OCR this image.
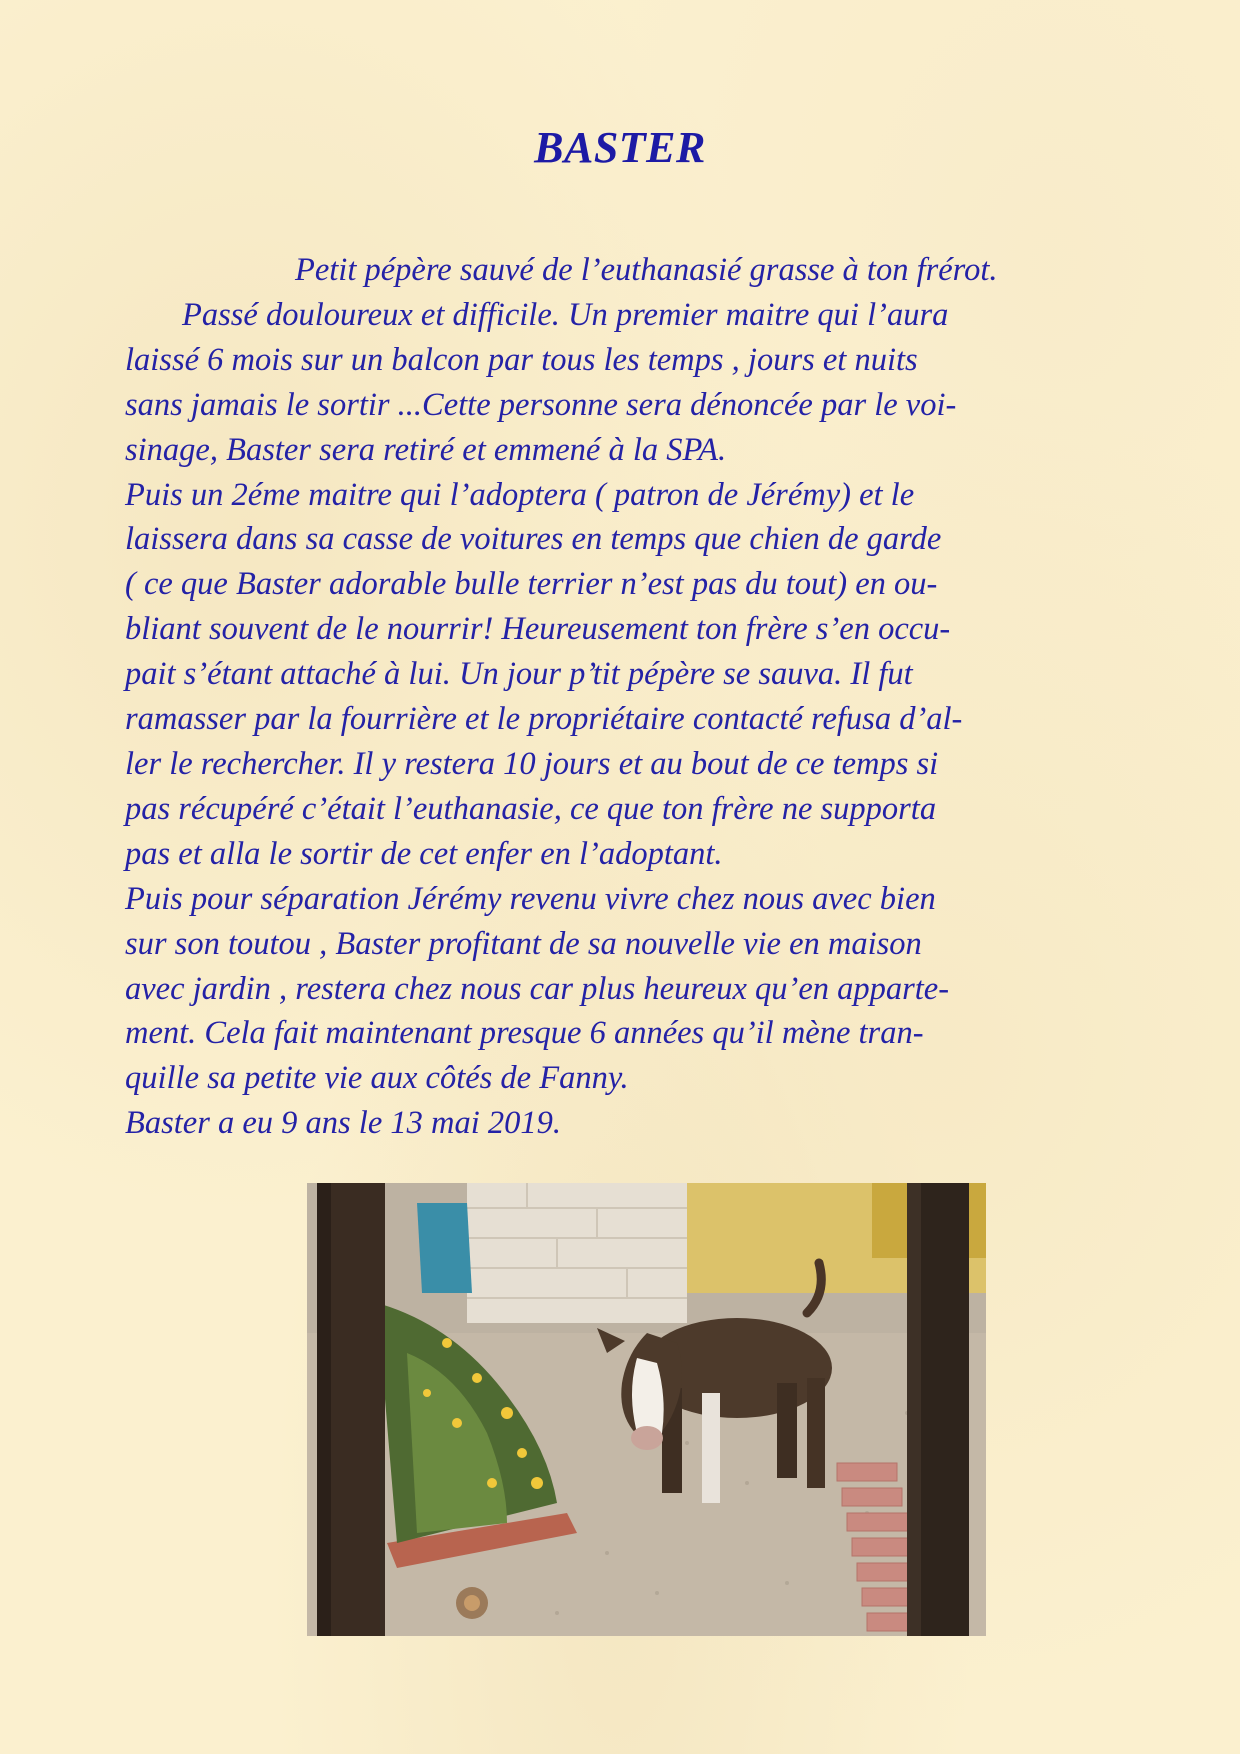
BASTER
Petit pépère sauvé de l’euthanasié grasse à ton frérot.
Passé douloureux et difficile. Un premier maitre qui l’aura
laissé 6 mois sur un balcon par tous les temps , jours et nuits
sans jamais le sortir ...Cette personne sera dénoncée par le voi-
sinage, Baster sera retiré et emmené à la SPA.
Puis un 2éme maitre qui l’adoptera ( patron de Jérémy) et le
laissera dans sa casse de voitures en temps que chien de garde
( ce que Baster adorable bulle terrier n’est pas du tout) en ou-
bliant souvent de le nourrir! Heureusement ton frère s’en occu-
pait s’étant attaché à lui. Un jour p’tit pépère se sauva. Il fut
ramasser par la fourrière et le propriétaire contacté refusa d’al-
ler le rechercher. Il y restera 10 jours et au bout de ce temps si
pas récupéré c’était l’euthanasie, ce que ton frère ne supporta
pas et alla le sortir de cet enfer en l’adoptant.
Puis pour séparation Jérémy revenu vivre chez nous avec bien
sur son toutou , Baster profitant de sa nouvelle vie en maison
avec jardin , restera chez nous car plus heureux qu’en apparte-
ment. Cela fait maintenant presque 6 années qu’il mène tran-
quille sa petite vie aux côtés de Fanny.
Baster a eu 9 ans le 13 mai 2019.
